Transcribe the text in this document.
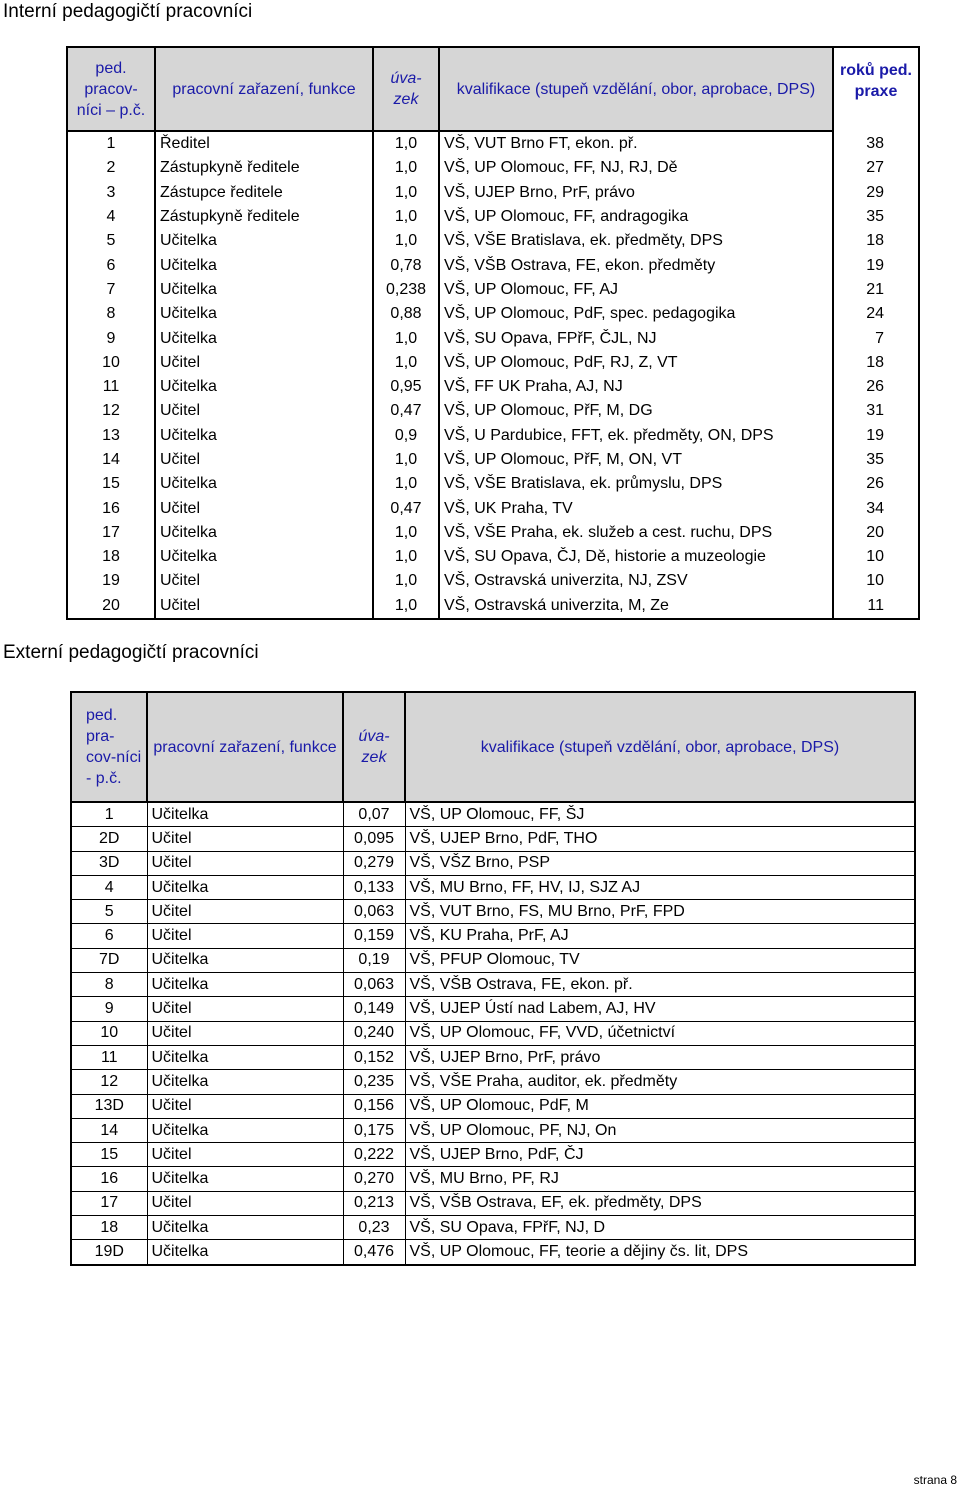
Interní pedagogičtí pracovníci
ped. pracov-níci – p.č.	pracovní zařazení, funkce	úva-zek	kvalifikace (stupeň vzdělání, obor, aprobace, DPS)	roků ped. praxe
1	Ředitel	1,0	VŠ, VUT Brno FT, ekon. př.	38
2	Zástupkyně ředitele	1,0	VŠ, UP Olomouc, FF, NJ, RJ, Dě	27
3	Zástupce ředitele	1,0	VŠ, UJEP Brno, PrF, právo	29
4	Zástupkyně ředitele	1,0	VŠ, UP Olomouc, FF, andragogika	35
5	Učitelka	1,0	VŠ, VŠE Bratislava, ek. předměty, DPS	18
6	Učitelka	0,78	VŠ, VŠB Ostrava, FE, ekon. předměty	19
7	Učitelka	0,238	VŠ, UP Olomouc, FF, AJ	21
8	Učitelka	0,88	VŠ, UP Olomouc, PdF, spec. pedagogika	24
9	Učitelka	1,0	VŠ, SU Opava, FPřF, ČJL, NJ	7
10	Učitel	1,0	VŠ, UP Olomouc, PdF, RJ, Z, VT	18
11	Učitelka	0,95	VŠ, FF UK Praha, AJ, NJ	26
12	Učitel	0,47	VŠ, UP Olomouc, PřF, M, DG	31
13	Učitelka	0,9	VŠ, U Pardubice, FFT, ek. předměty, ON, DPS	19
14	Učitel	1,0	VŠ, UP Olomouc, PřF, M, ON, VT	35
15	Učitelka	1,0	VŠ, VŠE Bratislava, ek. průmyslu, DPS	26
16	Učitel	0,47	VŠ, UK Praha, TV	34
17	Učitelka	1,0	VŠ, VŠE Praha, ek. služeb a cest. ruchu, DPS	20
18	Učitelka	1,0	VŠ, SU Opava, ČJ, Dě, historie a muzeologie	10
19	Učitel	1,0	VŠ, Ostravská univerzita, NJ, ZSV	10
20	Učitel	1,0	VŠ, Ostravská univerzita, M, Ze	11
Externí pedagogičtí pracovníci
ped. pra-cov-níci - p.č.	pracovní zařazení, funkce	úva-zek	kvalifikace (stupeň vzdělání, obor, aprobace, DPS)
1	Učitelka	0,07	VŠ, UP Olomouc, FF, ŠJ
2D	Učitel	0,095	VŠ, UJEP Brno, PdF, THO
3D	Učitel	0,279	VŠ, VŠZ Brno, PSP
4	Učitelka	0,133	VŠ, MU Brno, FF, HV, IJ, SJZ AJ
5	Učitel	0,063	VŠ, VUT Brno, FS, MU Brno, PrF, FPD
6	Učitel	0,159	VŠ, KU Praha, PrF, AJ
7D	Učitelka	0,19	VŠ, PFUP Olomouc, TV
8	Učitelka	0,063	VŠ, VŠB Ostrava, FE, ekon. př.
9	Učitel	0,149	VŠ, UJEP Ústí nad Labem, AJ, HV
10	Učitel	0,240	VŠ, UP Olomouc, FF, VVD, účetnictví
11	Učitelka	0,152	VŠ, UJEP Brno, PrF, právo
12	Učitelka	0,235	VŠ, VŠE Praha, auditor, ek. předměty
13D	Učitel	0,156	VŠ, UP Olomouc, PdF, M
14	Učitelka	0,175	VŠ, UP Olomouc, PF, NJ, On
15	Učitel	0,222	VŠ, UJEP Brno, PdF, ČJ
16	Učitelka	0,270	VŠ, MU Brno, PF, RJ
17	Učitel	0,213	VŠ, VŠB Ostrava, EF, ek. předměty, DPS
18	Učitelka	0,23	VŠ, SU Opava, FPřF, NJ, D
19D	Učitelka	0,476	VŠ, UP Olomouc, FF, teorie a dějiny čs. lit, DPS
strana 8
